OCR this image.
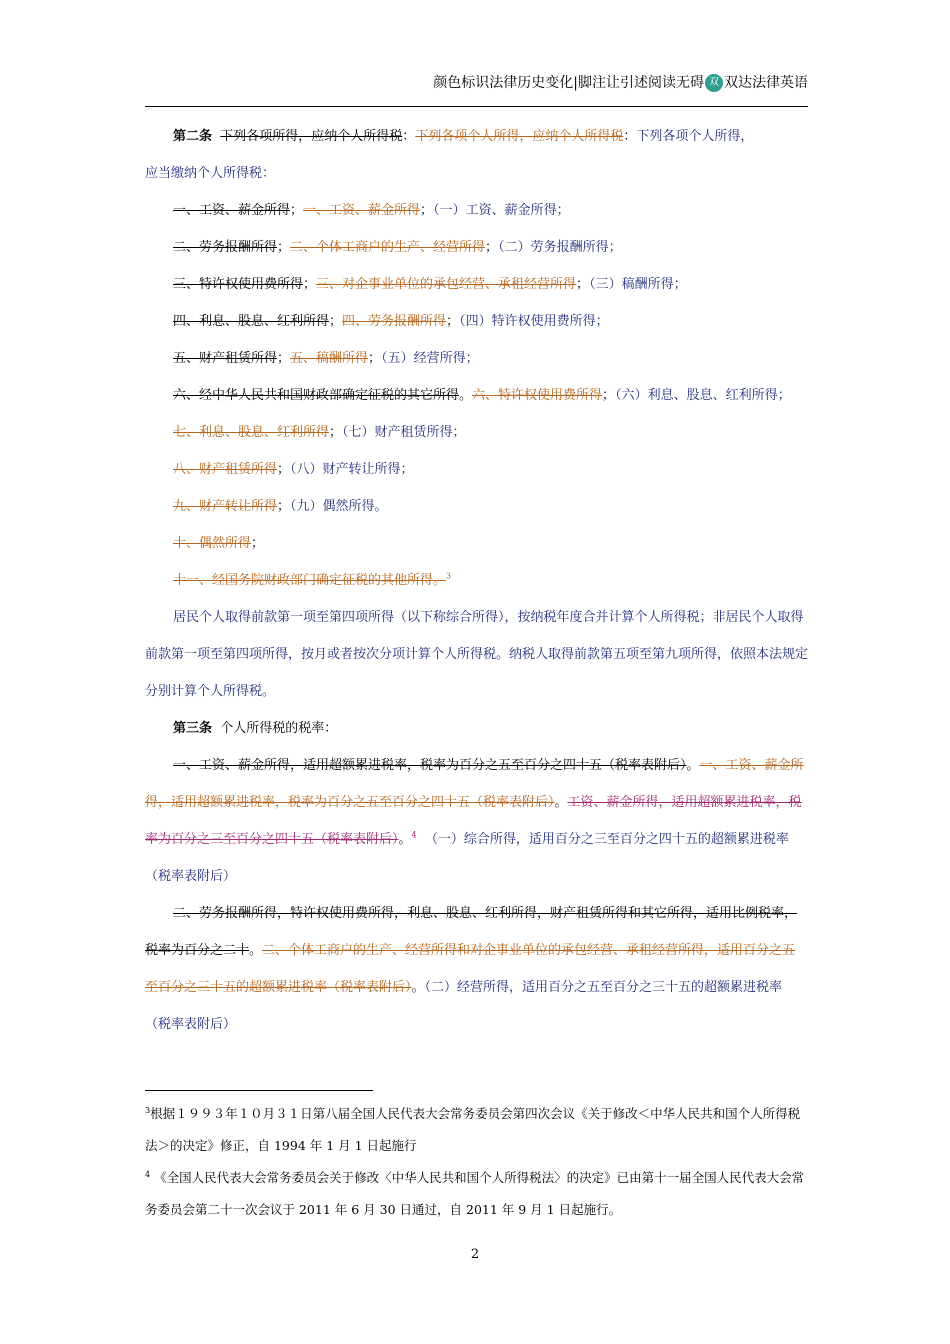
颜色标识法律历史变化|脚注让引述阅读无碍 双 双达法律英语

第二条 下列各项所得，应纳个人所得税：下列各项个人所得，应纳个人所得税：下列各项个人所得，

应当缴纳个人所得税：

一、工资、薪金所得；一、工资、薪金所得；（一）工资、薪金所得；

二、劳务报酬所得；二、个体工商户的生产、经营所得；（二）劳务报酬所得；

三、特许权使用费所得；三、对企事业单位的承包经营、承租经营所得；（三）稿酬所得；

四、利息、股息、红利所得；四、劳务报酬所得；（四）特许权使用费所得；

五、财产租赁所得；五、稿酬所得；（五）经营所得；

六、经中华人民共和国财政部确定征税的其它所得。六、特许权使用费所得；（六）利息、股息、红利所得；

七、利息、股息、红利所得；（七）财产租赁所得；

八、财产租赁所得；（八）财产转让所得；

九、财产转让所得；（九）偶然所得。

十、偶然所得；

十一、经国务院财政部门确定征税的其他所得。$^3$

居民个人取得前款第一项至第四项所得（以下称综合所得），按纳税年度合并计算个人所得税；非居民个人取得前款第一项至第四项所得，按月或者按次分项计算个人所得税。纳税人取得前款第五项至第九项所得，依照本法规定分别计算个人所得税。

第三条 个人所得税的税率：

一、工资、薪金所得，适用超额累进税率，税率为百分之五至百分之四十五（税率表附后）。一、工资、薪金所得，适用超额累进税率，税率为百分之五至百分之四十五（税率表附后）。工资、薪金所得，适用超额累进税率，税率为百分之三至百分之四十五（税率表附后）。$^4$ （一）综合所得，适用百分之三至百分之四十五的超额累进税率（税率表附后）

二、劳务报酬所得，特许权使用费所得，利息、股息、红利所得，财产租赁所得和其它所得，适用比例税率，税率为百分之二十。二、个体工商户的生产、经营所得和对企事业单位的承包经营、承租经营所得，适用百分之五至百分之三十五的超额累进税率（税率表附后）。（二）经营所得，适用百分之五至百分之三十五的超额累进税率（税率表附后）

$^3$根据１９９３年１０月３１日第八届全国人民代表大会常务委员会第四次会议《关于修改＜中华人民共和国个人所得税法＞的决定》修正，自 1994 年 1 月 1 日起施行

$^4$ 《全国人民代表大会常务委员会关于修改〈中华人民共和国个人所得税法〉的决定》已由第十一届全国人民代表大会常务委员会第二十一次会议于 2011 年 6 月 30 日通过，自 2011 年 9 月 1 日起施行。

2
